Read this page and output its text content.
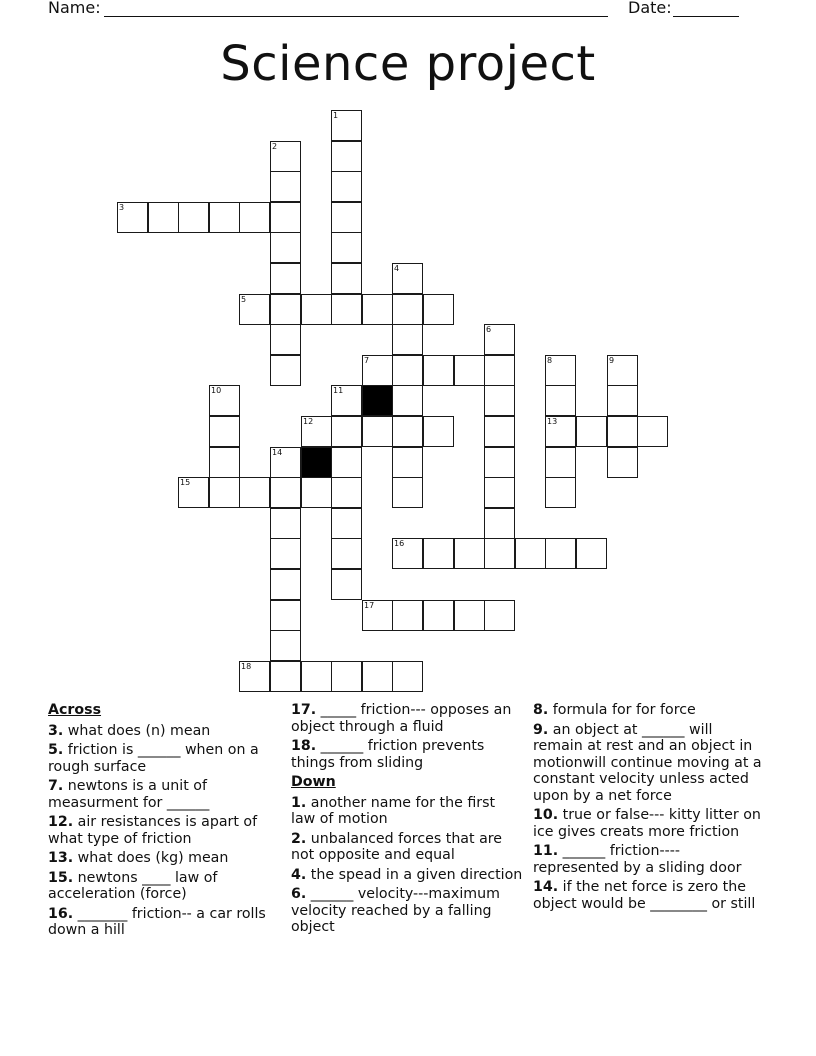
Name:	Date:
Science project
1
2
3
4
5
6
7	8	9
10	11
12	13
14
15
16
17
18
Across
3. what does (n) mean
5. friction is ______ when on a rough surface
7. newtons is a unit of measurment for ______
12. air resistances is apart of what type of friction
13. what does (kg) mean
15. newtons ____ law of acceleration (force)
16. _______ friction-- a car rolls down a hill
17. _____ friction--- opposes an object through a fluid
18. ______ friction prevents things from sliding
Down
1. another name for the first law of motion
2. unbalanced forces that are not opposite and equal
4. the spead in a given direction
6. ______ velocity---maximum velocity reached by a falling object
8. formula for for force
9. an object at ______ will remain at rest and an object in motionwill continue moving at a constant velocity unless acted upon by a net force
10. true or false--- kitty litter on ice gives creats more friction
11. ______ friction---- represented by a sliding door
14. if the net force is zero the object would be ________ or still
